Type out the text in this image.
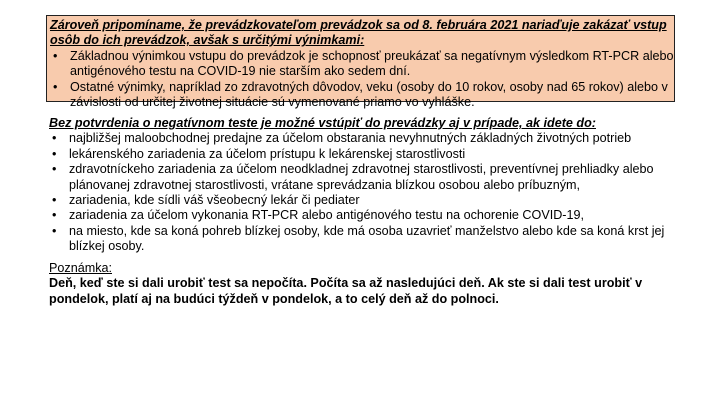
Zároveň pripomíname, že prevádzkovateľom prevádzok sa od 8. februára 2021 nariaďuje zakázať vstup osôb do ich prevádzok, avšak s určitými výnimkami:
• Základnou výnimkou vstupu do prevádzok je schopnosť preukázať sa negatívnym výsledkom RT-PCR alebo antigénového testu na COVID-19 nie starším ako sedem dní.
• Ostatné výnimky, napríklad zo zdravotných dôvodov, veku (osoby do 10 rokov, osoby nad 65 rokov) alebo v závislosti od určitej životnej situácie sú vymenované priamo vo vyhláške.
Bez potvrdenia o negatívnom teste je možné vstúpiť do prevádzky aj v prípade, ak idete do:
• najbližšej maloobchodnej predajne za účelom obstarania nevyhnutných základných životných potrieb
• lekárenského zariadenia za účelom prístupu k lekárenskej starostlivosti
• zdravotníckeho zariadenia za účelom neodkladnej zdravotnej starostlivosti, preventívnej prehliadky alebo plánovanej zdravotnej starostlivosti, vrátane sprevádzania blízkou osobou alebo príbuzným,
• zariadenia, kde sídli váš všeobecný lekár či pediater
• zariadenia za účelom vykonania RT-PCR alebo antigénového testu na ochorenie COVID-19,
• na miesto, kde sa koná pohreb blízkej osoby, kde má osoba uzavrieť manželstvo alebo kde sa koná krst jej blízkej osoby.
Poznámka:
Deň, keď ste si dali urobiť test sa nepočíta. Počíta sa až nasledujúci deň. Ak ste si dali test urobiť v pondelok, platí aj na budúci týždeň v pondelok, a to celý deň až do polnoci.
